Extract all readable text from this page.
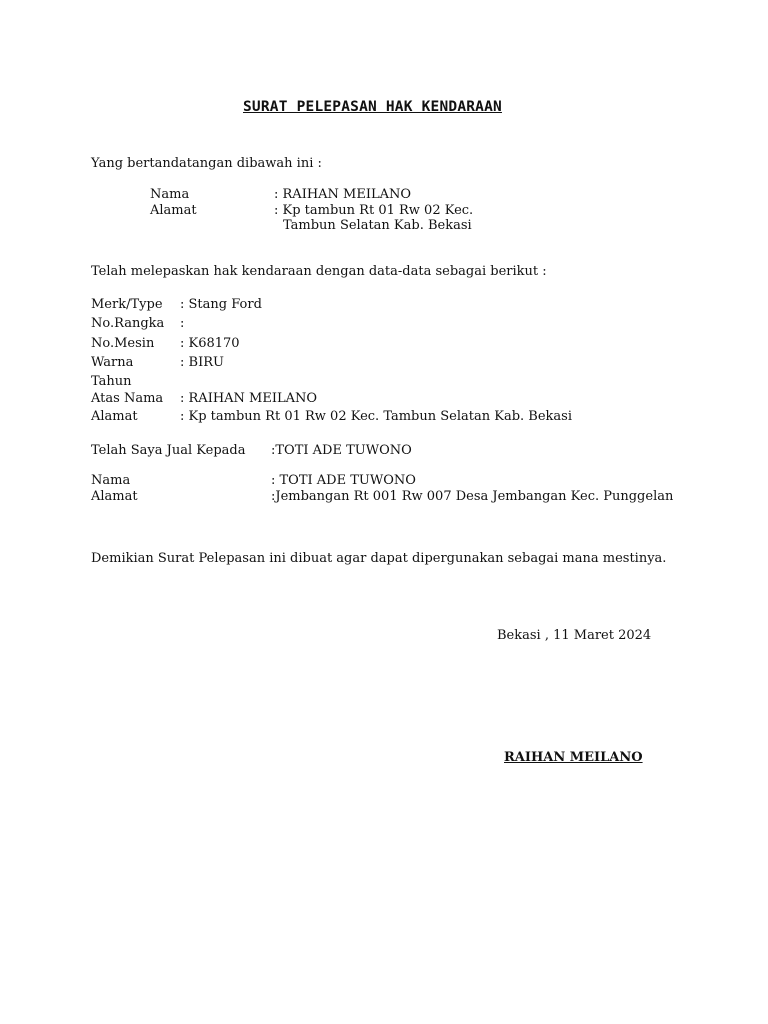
SURAT PELEPASAN HAK KENDARAAN
Yang bertandatangan dibawah ini :
Nama	: RAIHAN MEILANO
Alamat	: Kp tambun Rt 01 Rw 02 Kec.
Tambun Selatan Kab. Bekasi
Telah melepaskan hak kendaraan dengan data-data sebagai berikut :
Merk/Type : Stang Ford
No.Rangka :
No.Mesin : K68170
Warna	: BIRU
Tahun
Atas Nama : RAIHAN MEILANO
Alamat	: Kp tambun Rt 01 Rw 02 Kec. Tambun Selatan Kab. Bekasi
Telah Saya Jual Kepada :TOTI ADE TUWONO
Nama	: TOTI ADE TUWONO
Alamat	:Jembangan Rt 001 Rw 007 Desa Jembangan Kec. Punggelan
Demikian Surat Pelepasan ini dibuat agar dapat dipergunakan sebagai mana mestinya.
Bekasi , 11 Maret 2024
RAIHAN MEILANO
